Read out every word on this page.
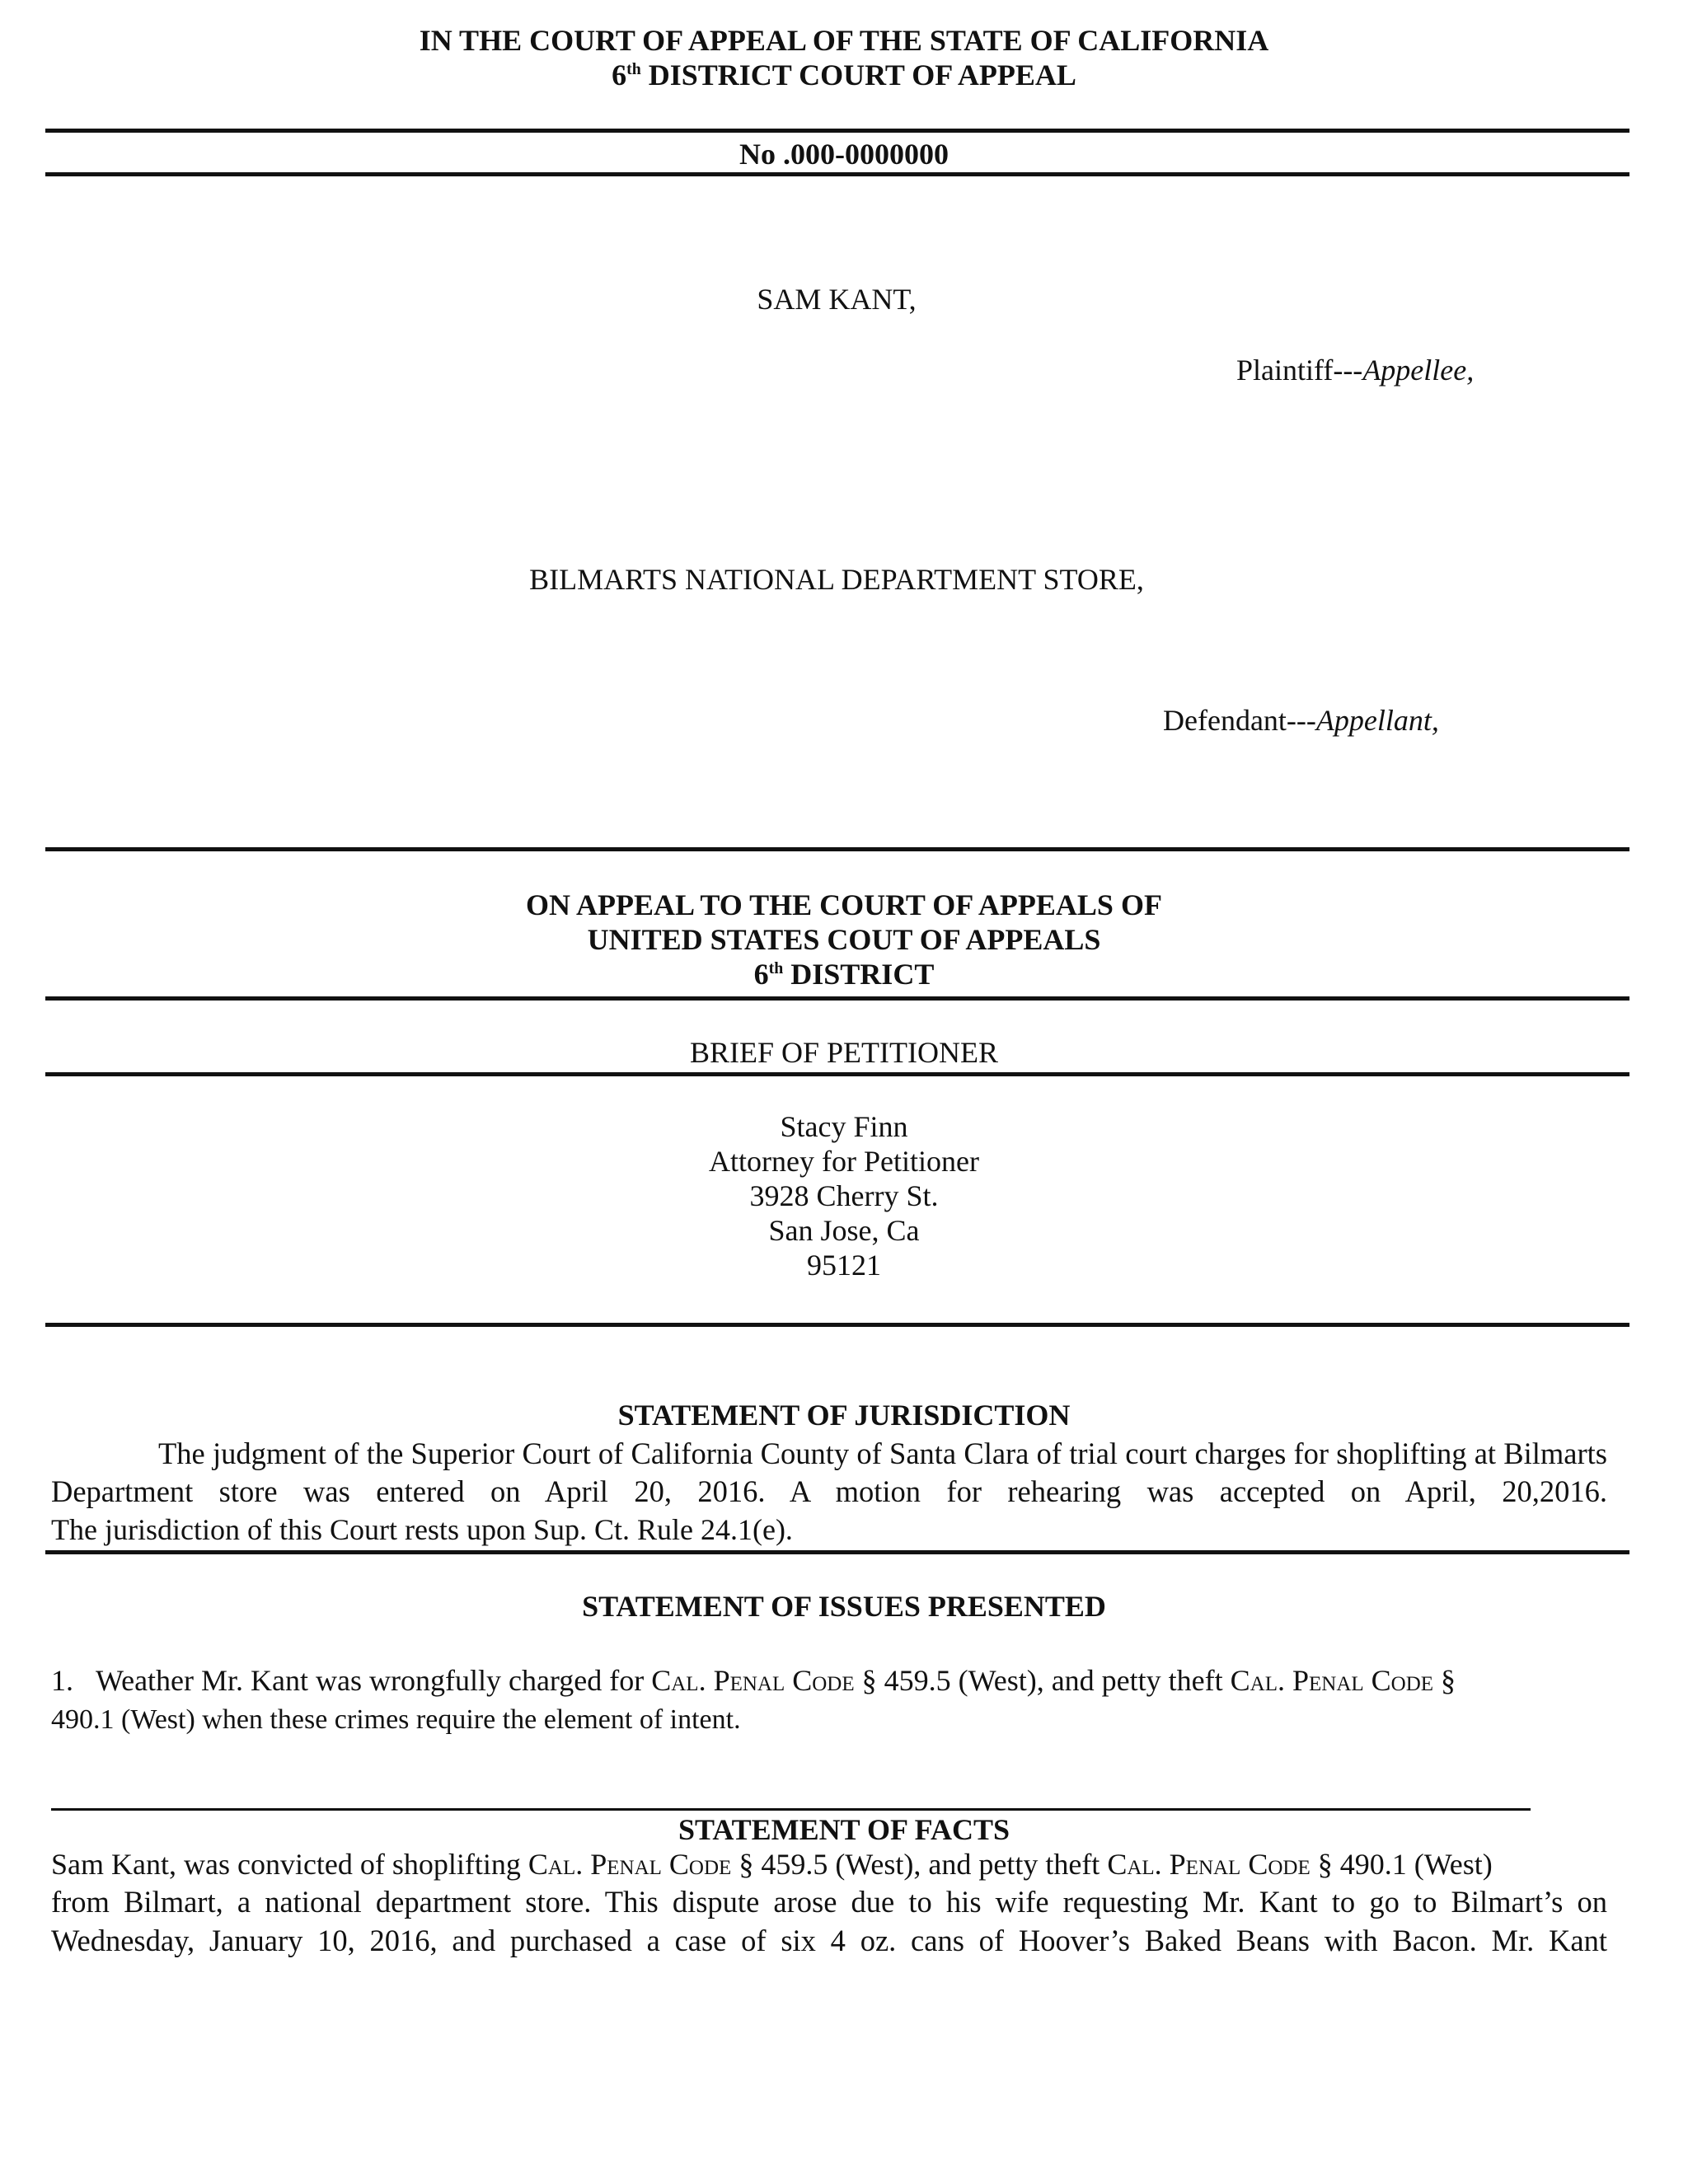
IN THE COURT OF APPEAL OF THE STATE OF CALIFORNIA
6th DISTRICT COURT OF APPEAL
No .000-0000000
SAM KANT,
Plaintiff---Appellee,
BILMARTS NATIONAL DEPARTMENT STORE,
Defendant---Appellant,
ON APPEAL TO THE COURT OF APPEALS OF
UNITED STATES COUT OF APPEALS
6th DISTRICT
BRIEF OF PETITIONER
Stacy Finn
Attorney for Petitioner
3928 Cherry St.
San Jose, Ca
95121
STATEMENT OF JURISDICTION
The judgment of the Superior Court of California County of Santa Clara of trial court charges for shoplifting at Bilmarts Department store was entered on April 20, 2016. A motion for rehearing was accepted on April, 20,2016.
The jurisdiction of this Court rests upon Sup. Ct. Rule 24.1(e).
STATEMENT OF ISSUES PRESENTED
1. Weather Mr. Kant was wrongfully charged for Cal. Penal Code § 459.5 (West), and petty theft Cal. Penal Code §
490.1 (West) when these crimes require the element of intent.
STATEMENT OF FACTS
Sam Kant, was convicted of shoplifting Cal. Penal Code § 459.5 (West), and petty theft Cal. Penal Code § 490.1 (West)
from Bilmart, a national department store. This dispute arose due to his wife requesting Mr. Kant to go to Bilmart’s on
Wednesday, January 10, 2016, and purchased a case of six 4 oz. cans of Hoover’s Baked Beans with Bacon. Mr. Kant
